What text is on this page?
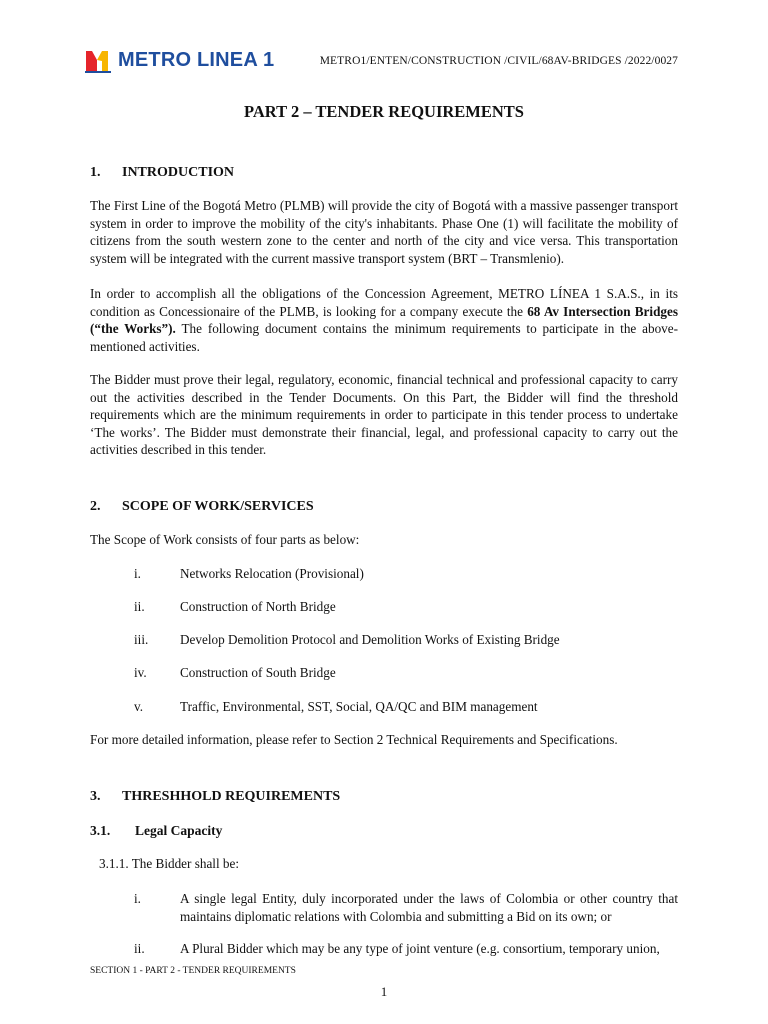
METRO LINEA 1	METRO1/ENTEN/CONSTRUCTION /CIVIL/68AV-BRIDGES /2022/0027
PART 2 – TENDER REQUIREMENTS
1. INTRODUCTION

The First Line of the Bogotá Metro (PLMB) will provide the city of Bogotá with a massive passenger transport system in order to improve the mobility of the city's inhabitants. Phase One (1) will facilitate the mobility of citizens from the south western zone to the center and north of the city and vice versa. This transportation system will be integrated with the current massive transport system (BRT – Transmlenio).

In order to accomplish all the obligations of the Concession Agreement, METRO LÍNEA 1 S.A.S., in its condition as Concessionaire of the PLMB, is looking for a company execute the 68 Av Intersection Bridges (“the Works”). The following document contains the minimum requirements to participate in the above-mentioned activities.

The Bidder must prove their legal, regulatory, economic, financial technical and professional capacity to carry out the activities described in the Tender Documents. On this Part, the Bidder will find the threshold requirements which are the minimum requirements in order to participate in this tender process to undertake ‘The works’. The Bidder must demonstrate their financial, legal, and professional capacity to carry out the activities described in this tender.

2. SCOPE OF WORK/SERVICES
The Scope of Work consists of four parts as below:
i.	Networks Relocation (Provisional)
ii.	Construction of North Bridge
iii. Develop Demolition Protocol and Demolition Works of Existing Bridge
iv.	Construction of South Bridge
v.	Traffic, Environmental, SST, Social, QA/QC and BIM management
For more detailed information, please refer to Section 2 Technical Requirements and Specifications.
3. THRESHHOLD REQUIREMENTS
3.1. Legal Capacity
3.1.1. The Bidder shall be:
i.	A single legal Entity, duly incorporated under the laws of Colombia or other country that maintains diplomatic relations with Colombia and submitting a Bid on its own; or
ii.	A Plural Bidder which may be any type of joint venture (e.g. consortium, temporary union,
SECTION 1 - PART 2 - TENDER REQUIREMENTS
1
